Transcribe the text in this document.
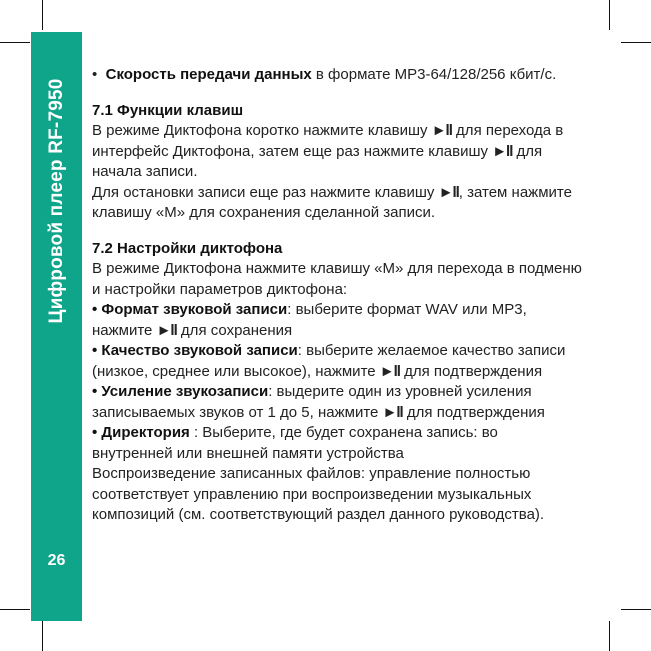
Цифровой плеер RF-7950
26

• Скорость передачи данных в формате MP3-64/128/256 кбит/с.

7.1 Функции клавиш

В режиме Диктофона коротко нажмите клавишу ►ll для перехода в интерфейс Диктофона, затем еще раз нажмите клавишу ►ll для начала записи.

Для остановки записи еще раз нажмите клавишу ►ll, затем нажмите клавишу «M» для сохранения сделанной записи.

7.2 Настройки диктофона

В режиме Диктофона нажмите клавишу «M» для перехода в подменю и настройки параметров диктофона:

• Формат звуковой записи: выберите формат WAV или MP3, нажмите ►ll для сохранения

• Качество звуковой записи: выберите желаемое качество записи (низкое, среднее или высокое), нажмите ►ll для подтверждения

• Усиление звукозаписи: выдерите один из уровней усиления записываемых звуков от 1 до 5, нажмите ►ll для подтверждения

• Директория : Выберите, где будет сохранена запись: во внутренней или внешней памяти устройства

Воспроизведение записанных файлов: управление полностью соответствует управлению при воспроизведении музыкальных композиций (см. соответствующий раздел данного руководства).
